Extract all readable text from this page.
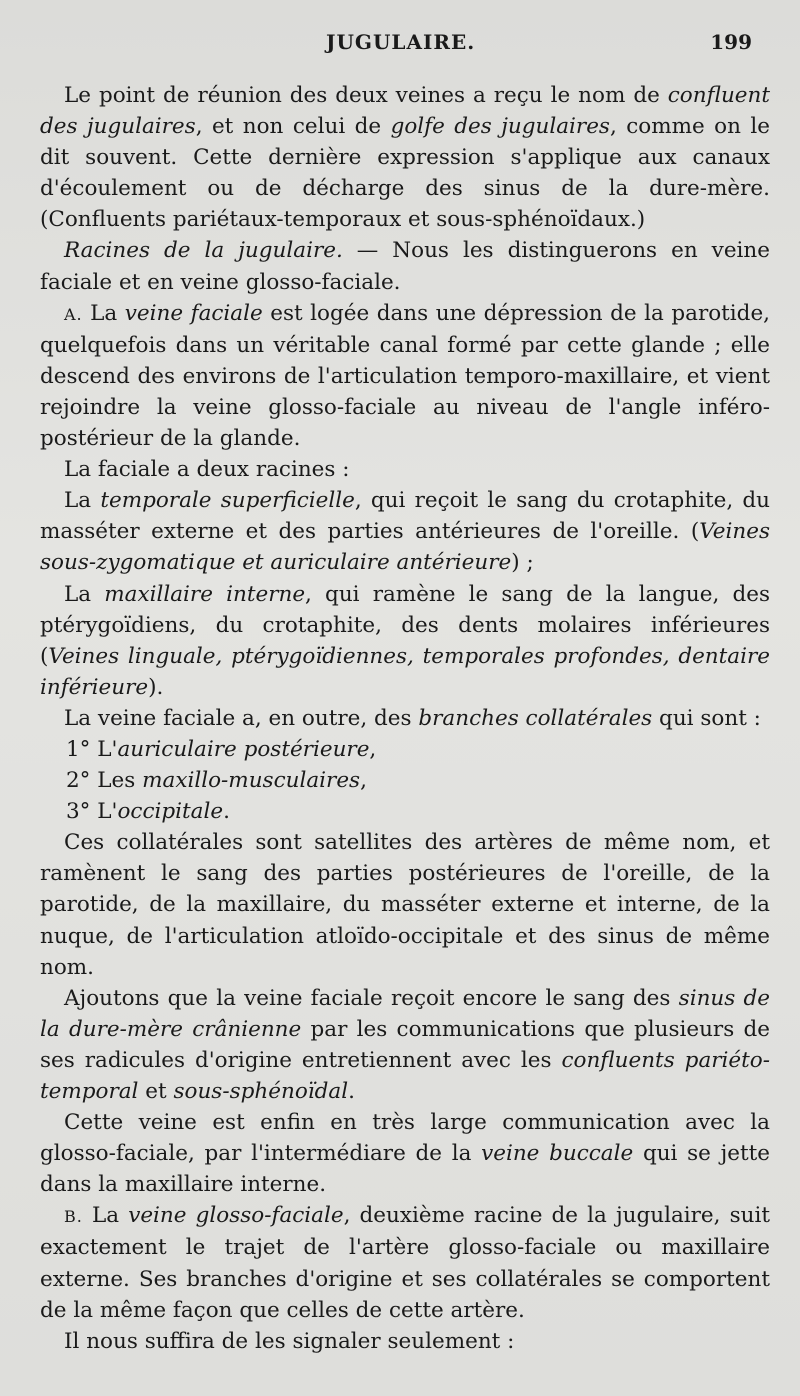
JUGULAIRE.	199

Le point de réunion des deux veines a reçu le nom de confluent des jugulaires, et non celui de golfe des jugulaires, comme on le dit souvent. Cette dernière expression s'applique aux canaux d'écoulement ou de décharge des sinus de la dure-mère. (Confluents pariétaux-temporaux et sous-sphénoïdaux.)

Racines de la jugulaire. — Nous les distinguerons en veine faciale et en veine glosso-faciale.

A. La veine faciale est logée dans une dépression de la parotide, quelquefois dans un véritable canal formé par cette glande ; elle descend des environs de l'articulation temporo-maxillaire, et vient rejoindre la veine glosso-faciale au niveau de l'angle inféro-postérieur de la glande.

La faciale a deux racines :

La temporale superficielle, qui reçoit le sang du crotaphite, du masséter externe et des parties antérieures de l'oreille. (Veines sous-zygomatique et auriculaire antérieure) ;

La maxillaire interne, qui ramène le sang de la langue, des ptérygoïdiens, du crotaphite, des dents molaires inférieures (Veines linguale, ptérygoïdiennes, temporales profondes, dentaire inférieure).

La veine faciale a, en outre, des branches collatérales qui sont :

1° L'auriculaire postérieure,

2° Les maxillo-musculaires,

3° L'occipitale.

Ces collatérales sont satellites des artères de même nom, et ramènent le sang des parties postérieures de l'oreille, de la parotide, de la maxillaire, du masséter externe et interne, de la nuque, de l'articulation atloïdo-occipitale et des sinus de même nom.

Ajoutons que la veine faciale reçoit encore le sang des sinus de la dure-mère crânienne par les communications que plusieurs de ses radicules d'origine entretiennent avec les confluents pariéto-temporal et sous-sphénoïdal.

Cette veine est enfin en très large communication avec la glosso-faciale, par l'intermédiare de la veine buccale qui se jette dans la maxillaire interne.

B. La veine glosso-faciale, deuxième racine de la jugulaire, suit exactement le trajet de l'artère glosso-faciale ou maxillaire externe. Ses branches d'origine et ses collatérales se comportent de la même façon que celles de cette artère.

Il nous suffira de les signaler seulement :
